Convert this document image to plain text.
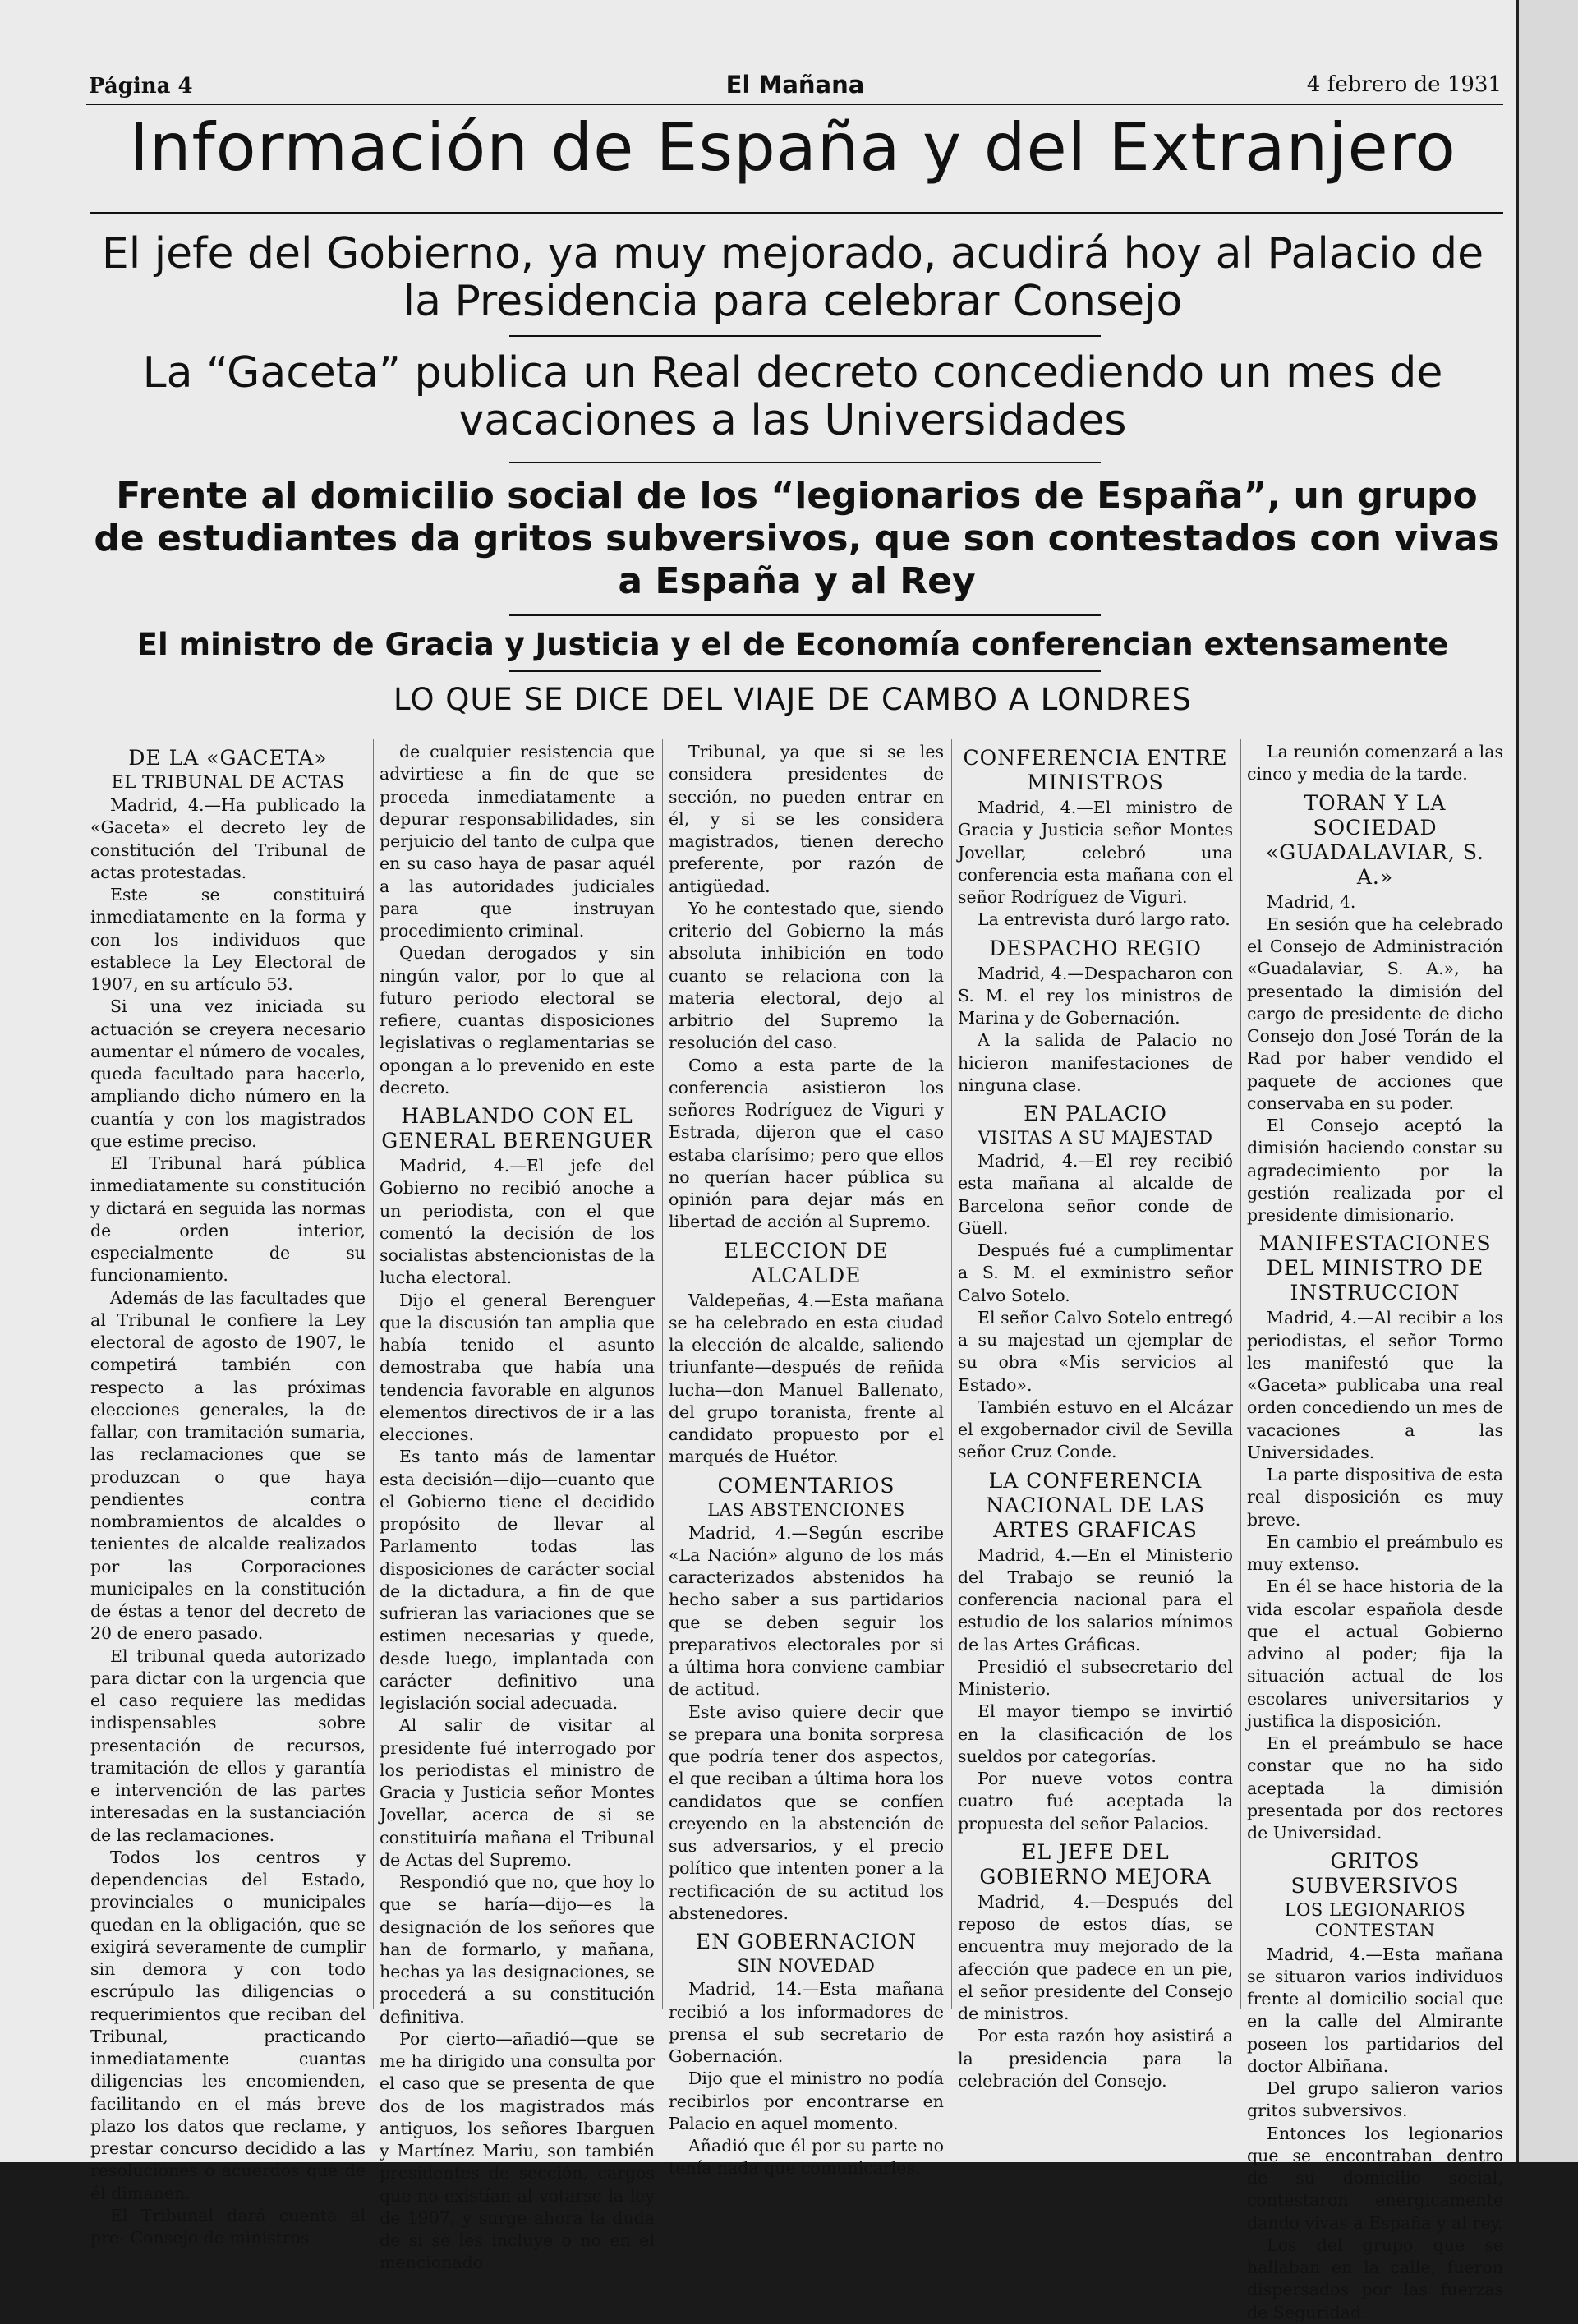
Página 4	El Mañana	4 febrero de 1931
Información de España y del Extranjero
El jefe del Gobierno, ya muy mejorado, acudirá hoy al Palacio de la Presidencia para celebrar Consejo
La “Gaceta” publica un Real decreto concediendo un mes de vacaciones a las Universidades
Frente al domicilio social de los “legionarios de España”, un grupo de estudiantes da gritos subversivos, que son contestados con vivas a España y al Rey
El ministro de Gracia y Justicia y el de Economía conferencian extensamente
LO QUE SE DICE DEL VIAJE DE CAMBO A LONDRES
DE LA «GACETA»
EL TRIBUNAL DE ACTAS

Madrid, 4.—Ha publicado la «Gaceta» el decreto ley de constitución del Tribunal de actas protestadas.

Este se constituirá inmediatamente en la forma y con los individuos que establece la Ley Electoral de 1907, en su artículo 53.

Si una vez iniciada su actuación se creyera necesario aumentar el número de vocales, queda facultado para hacerlo, ampliando dicho número en la cuantía y con los magistrados que estime preciso.

El Tribunal hará pública inmediatamente su constitución y dictará en seguida las normas de orden interior, especialmente de su funcionamiento.

Además de las facultades que al Tribunal le confiere la Ley electoral de agosto de 1907, le competirá también con respecto a las próximas elecciones generales, la de fallar, con tramitación sumaria, las reclamaciones que se produzcan o que haya pendientes contra nombramientos de alcaldes o tenientes de alcalde realizados por las Corporaciones municipales en la constitución de éstas a tenor del decreto de 20 de enero pasado.

El tribunal queda autorizado para dictar con la urgencia que el caso requiere las medidas indispensables sobre presentación de recursos, tramitación de ellos y garantía e intervención de las partes interesadas en la sustanciación de las reclamaciones.

Todos los centros y dependencias del Estado, provinciales o municipales quedan en la obligación, que se exigirá severamente de cumplir sin demora y con todo escrúpulo las diligencias o requerimientos que reciban del Tribunal, practicando inmediatamente cuantas diligencias les encomienden, facilitando en el más breve plazo los datos que reclame, y prestar concurso decidido a las resoluciones o acuerdos que de él dimanen.

El Tribunal dará cuenta al pre- Consejo de ministros

de cualquier resistencia que advirtiese a fin de que se proceda inmediatamente a depurar responsabilidades, sin perjuicio del tanto de culpa que en su caso haya de pasar aquél a las autoridades judiciales para que instruyan procedimiento criminal.

Quedan derogados y sin ningún valor, por lo que al futuro periodo electoral se refiere, cuantas disposiciones legislativas o reglamentarias se opongan a lo prevenido en este decreto.

HABLANDO CON EL GENERAL BERENGUER

Madrid, 4.—El jefe del Gobierno no recibió anoche a un periodista, con el que comentó la decisión de los socialistas abstencionistas de la lucha electoral.

Dijo el general Berenguer que la discusión tan amplia que había tenido el asunto demostraba que había una tendencia favorable en algunos elementos directivos de ir a las elecciones.

Es tanto más de lamentar esta decisión—dijo—cuanto que el Gobierno tiene el decidido propósito de llevar al Parlamento todas las disposiciones de carácter social de la dictadura, a fin de que sufrieran las variaciones que se estimen necesarias y quede, desde luego, implantada con carácter definitivo una legislación social adecuada.

Al salir de visitar al presidente fué interrogado por los periodistas el ministro de Gracia y Justicia señor Montes Jovellar, acerca de si se constituiría mañana el Tribunal de Actas del Supremo.

Respondió que no, que hoy lo que se haría—dijo—es la designación de los señores que han de formarlo, y mañana, hechas ya las designaciones, se procederá a su constitución definitiva.

Por cierto—añadió—que se me ha dirigido una consulta por el caso que se presenta de que dos de los magistrados más antiguos, los señores Ibarguen y Martínez Mariu, son también presidentes de sección, cargos que no existían al votarse la ley de 1907, y surge ahora la duda de si se les incluye o no en el mencionado

Tribunal, ya que si se les considera presidentes de sección, no pueden entrar en él, y si se les considera magistrados, tienen derecho preferente, por razón de antigüedad.

Yo he contestado que, siendo criterio del Gobierno la más absoluta inhibición en todo cuanto se relaciona con la materia electoral, dejo al arbitrio del Supremo la resolución del caso.

Como a esta parte de la conferencia asistieron los señores Rodríguez de Viguri y Estrada, dijeron que el caso estaba clarísimo; pero que ellos no querían hacer pública su opinión para dejar más en libertad de acción al Supremo.

ELECCION DE ALCALDE

Valdepeñas, 4.—Esta mañana se ha celebrado en esta ciudad la elección de alcalde, saliendo triunfante—después de reñida lucha—don Manuel Ballenato, del grupo toranista, frente al candidato propuesto por el marqués de Huétor.

COMENTARIOS
LAS ABSTENCIONES

Madrid, 4.—Según escribe «La Nación» alguno de los más caracterizados abstenidos ha hecho saber a sus partidarios que se deben seguir los preparativos electorales por si a última hora conviene cambiar de actitud.

Este aviso quiere decir que se prepara una bonita sorpresa que podría tener dos aspectos, el que reciban a última hora los candidatos que se confíen creyendo en la abstención de sus adversarios, y el precio político que intenten poner a la rectificación de su actitud los abstenedores.

EN GOBERNACION
SIN NOVEDAD

Madrid, 14.—Esta mañana recibió a los informadores de prensa el sub secretario de Gobernación.

Dijo que el ministro no podía recibirlos por encontrarse en Palacio en aquel momento.

Añadió que él por su parte no tenía nada que comunicarles.

CONFERENCIA ENTRE MINISTROS

Madrid, 4.—El ministro de Gracia y Justicia señor Montes Jovellar, celebró una conferencia esta mañana con el señor Rodríguez de Viguri.

La entrevista duró largo rato.

DESPACHO REGIO

Madrid, 4.—Despacharon con S. M. el rey los ministros de Marina y de Gobernación.

A la salida de Palacio no hicieron manifestaciones de ninguna clase.

EN PALACIO
VISITAS A SU MAJESTAD

Madrid, 4.—El rey recibió esta mañana al alcalde de Barcelona señor conde de Güell.

Después fué a cumplimentar a S. M. el exministro señor Calvo Sotelo.

El señor Calvo Sotelo entregó a su majestad un ejemplar de su obra «Mis servicios al Estado».

También estuvo en el Alcázar el exgobernador civil de Sevilla señor Cruz Conde.

LA CONFERENCIA NACIONAL DE LAS ARTES GRAFICAS

Madrid, 4.—En el Ministerio del Trabajo se reunió la conferencia nacional para el estudio de los salarios mínimos de las Artes Gráficas.

Presidió el subsecretario del Ministerio.

El mayor tiempo se invirtió en la clasificación de los sueldos por categorías.

Por nueve votos contra cuatro fué aceptada la propuesta del señor Palacios.

EL JEFE DEL GOBIERNO MEJORA

Madrid, 4.—Después del reposo de estos días, se encuentra muy mejorado de la afección que padece en un pie, el señor presidente del Consejo de ministros.

Por esta razón hoy asistirá a la presidencia para la celebración del Consejo.

La reunión comenzará a las cinco y media de la tarde.

TORAN Y LA SOCIEDAD «GUADALAVIAR, S. A.»

Madrid, 4.

En sesión que ha celebrado el Consejo de Administración «Guadalaviar, S. A.», ha presentado la dimisión del cargo de presidente de dicho Consejo don José Torán de la Rad por haber vendido el paquete de acciones que conservaba en su poder.

El Consejo aceptó la dimisión haciendo constar su agradecimiento por la gestión realizada por el presidente dimisionario.

MANIFESTACIONES DEL MINISTRO DE INSTRUCCION

Madrid, 4.—Al recibir a los periodistas, el señor Tormo les manifestó que la «Gaceta» publicaba una real orden concediendo un mes de vacaciones a las Universidades.

La parte dispositiva de esta real disposición es muy breve.

En cambio el preámbulo es muy extenso.

En él se hace historia de la vida escolar española desde que el actual Gobierno advino al poder; fija la situación actual de los escolares universitarios y justifica la disposición.

En el preámbulo se hace constar que no ha sido aceptada la dimisión presentada por dos rectores de Universidad.

GRITOS SUBVERSIVOS
LOS LEGIONARIOS CONTESTAN

Madrid, 4.—Esta mañana se situaron varios individuos frente al domicilio social que en la calle del Almirante poseen los partidarios del doctor Albiñana.

Del grupo salieron varios gritos subversivos.

Entonces los legionarios que se encontraban dentro de su domicilio social, contestaron enérgicamente dando vivas a España y al rey.

Los del grupo que se hallaban en la calle, fueron dispersados por las fuerzas de Seguridad.
